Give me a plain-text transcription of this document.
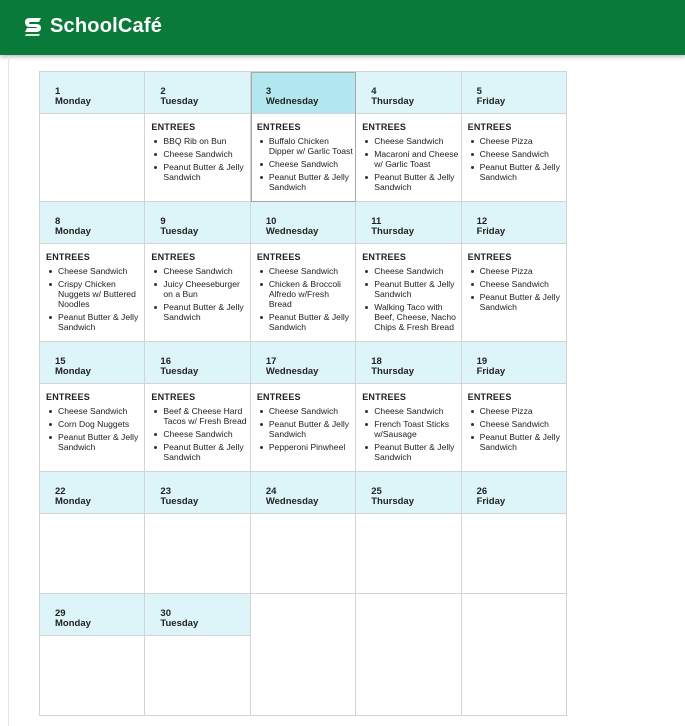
SchoolCafé
1
Monday
2
Tuesday
ENTREES
BBQ Rib on Bun
Cheese Sandwich
Peanut Butter & Jelly Sandwich
3
Wednesday
ENTREES
Buffalo Chicken Dipper w/ Garlic Toast
Cheese Sandwich
Peanut Butter & Jelly Sandwich
4
Thursday
ENTREES
Cheese Sandwich
Macaroni and Cheese w/ Garlic Toast
Peanut Butter & Jelly Sandwich
5
Friday
ENTREES
Cheese Pizza
Cheese Sandwich
Peanut Butter & Jelly Sandwich
8
Monday
ENTREES
Cheese Sandwich
Crispy Chicken Nuggets w/ Buttered Noodles
Peanut Butter & Jelly Sandwich
9
Tuesday
ENTREES
Cheese Sandwich
Juicy Cheeseburger on a Bun
Peanut Butter & Jelly Sandwich
10
Wednesday
ENTREES
Cheese Sandwich
Chicken & Broccoli Alfredo w/Fresh Bread
Peanut Butter & Jelly Sandwich
11
Thursday
ENTREES
Cheese Sandwich
Peanut Butter & Jelly Sandwich
Walking Taco with Beef, Cheese, Nacho Chips & Fresh Bread
12
Friday
ENTREES
Cheese Pizza
Cheese Sandwich
Peanut Butter & Jelly Sandwich
15
Monday
ENTREES
Cheese Sandwich
Corn Dog Nuggets
Peanut Butter & Jelly Sandwich
16
Tuesday
ENTREES
Beef & Cheese Hard Tacos w/ Fresh Bread
Cheese Sandwich
Peanut Butter & Jelly Sandwich
17
Wednesday
ENTREES
Cheese Sandwich
Peanut Butter & Jelly Sandwich
Pepperoni Pinwheel
18
Thursday
ENTREES
Cheese Sandwich
French Toast Sticks w/Sausage
Peanut Butter & Jelly Sandwich
19
Friday
ENTREES
Cheese Pizza
Cheese Sandwich
Peanut Butter & Jelly Sandwich
22
Monday
23
Tuesday
24
Wednesday
25
Thursday
26
Friday
29
Monday
30
Tuesday
